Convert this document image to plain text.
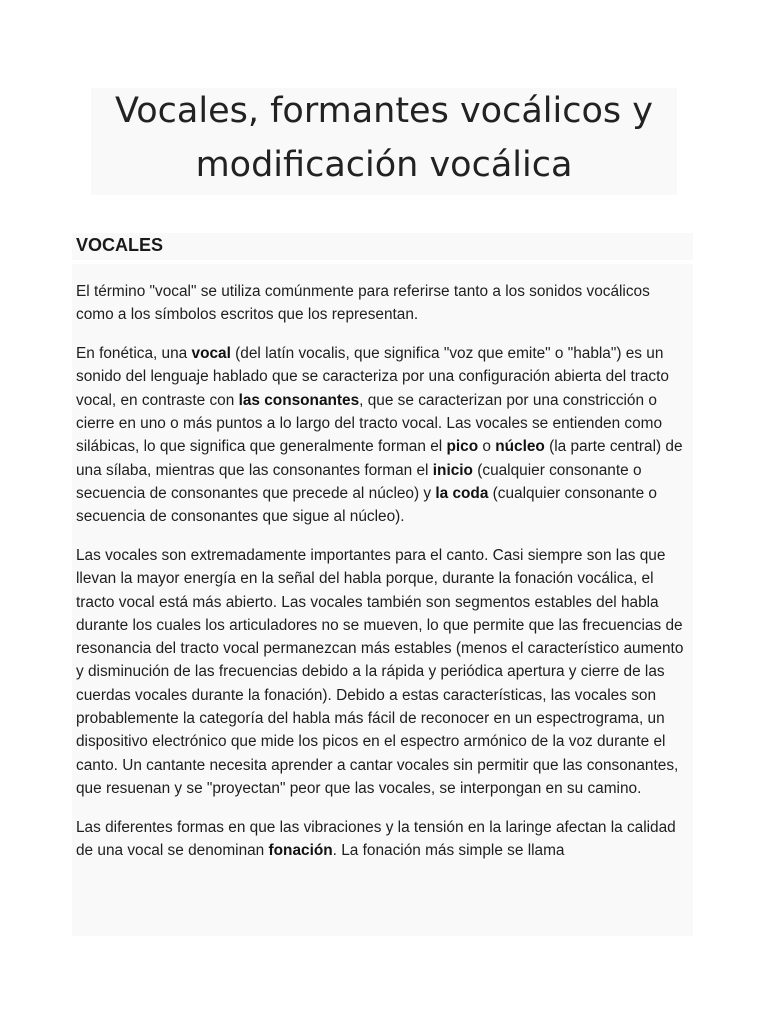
Vocales, formantes vocálicos y modificación vocálica
VOCALES

El término "vocal" se utiliza comúnmente para referirse tanto a los sonidos vocálicos como a los símbolos escritos que los representan.

En fonética, una vocal (del latín vocalis, que significa "voz que emite" o "habla") es un sonido del lenguaje hablado que se caracteriza por una configuración abierta del tracto vocal, en contraste con las consonantes, que se caracterizan por una constricción o cierre en uno o más puntos a lo largo del tracto vocal. Las vocales se entienden como silábicas, lo que significa que generalmente forman el pico o núcleo (la parte central) de una sílaba, mientras que las consonantes forman el inicio (cualquier consonante o secuencia de consonantes que precede al núcleo) y la coda (cualquier consonante o secuencia de consonantes que sigue al núcleo).

Las vocales son extremadamente importantes para el canto. Casi siempre son las que llevan la mayor energía en la señal del habla porque, durante la fonación vocálica, el tracto vocal está más abierto. Las vocales también son segmentos estables del habla durante los cuales los articuladores no se mueven, lo que permite que las frecuencias de resonancia del tracto vocal permanezcan más estables (menos el característico aumento y disminución de las frecuencias debido a la rápida y periódica apertura y cierre de las cuerdas vocales durante la fonación). Debido a estas características, las vocales son probablemente la categoría del habla más fácil de reconocer en un espectrograma, un dispositivo electrónico que mide los picos en el espectro armónico de la voz durante el canto. Un cantante necesita aprender a cantar vocales sin permitir que las consonantes, que resuenan y se "proyectan" peor que las vocales, se interpongan en su camino.

Las diferentes formas en que las vibraciones y la tensión en la laringe afectan la calidad de una vocal se denominan fonación. La fonación más simple se llama
